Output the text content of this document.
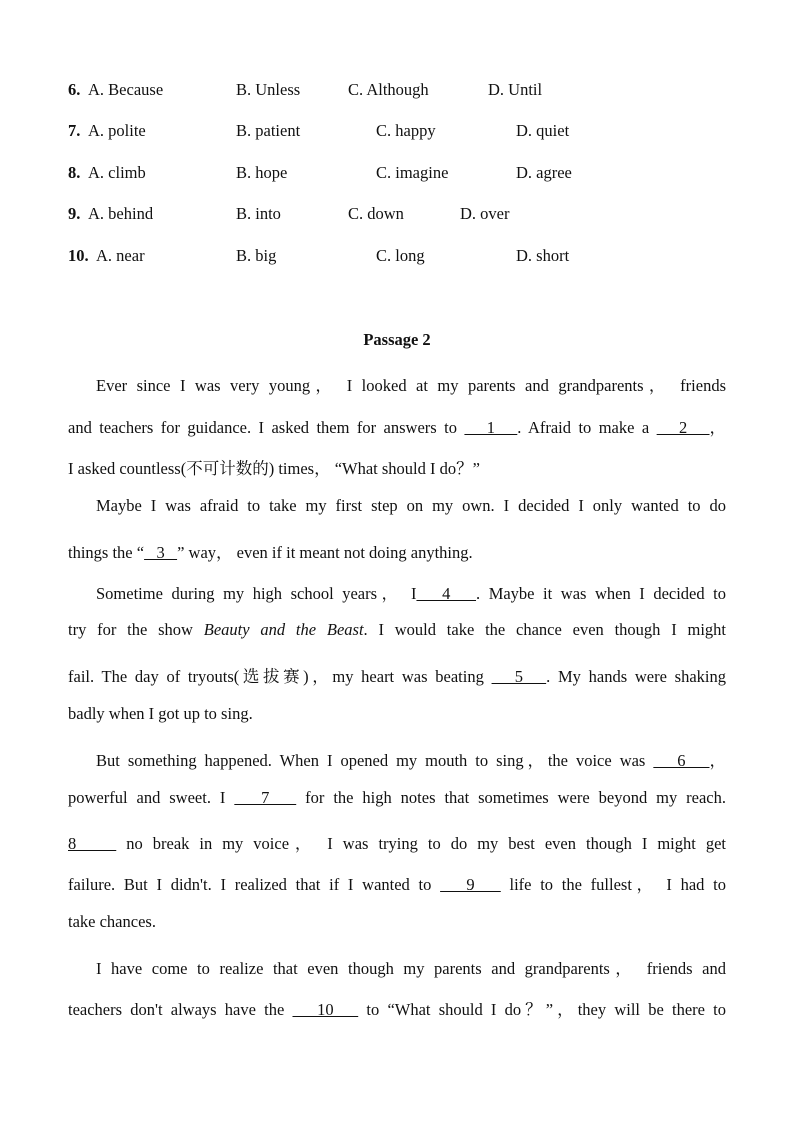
6. A. Because	B. Unless	C. Although	D. Until
7. A. polite	B. patient	C. happy	D. quiet
8. A. climb	B. hope	C. imagine	D. agree
9. A. behind	B. into	C. down	D. over
10. A. near	B. big	C. long	D. short
Passage 2
Ever since I was very young， I looked at my parents and grandparents， friends
and teachers for guidance. I asked them for answers to    1   . Afraid to make a    2   ，
I asked countless(不可计数的) times， “What should I do？”
Maybe I was afraid to take my first step on my own. I decided I only wanted to do
things the “   3   ” way， even if it meant not doing anything.
Sometime during my high school years， I   4   . Maybe it was when I decided to
try for the show Beauty and the Beast. I would take the chance even though I might
fail. The day of tryouts(选拔赛)，my heart was beating    5   . My hands were shaking
badly when I got up to sing.
But something happened. When I opened my mouth to sing，the voice was    6   ，
powerful and sweet. I    7    for the high notes that sometimes were beyond my reach.
8     no break in my voice， I was trying to do my best even though I might get
failure. But I didn't. I realized that if I wanted to    9    life to the fullest， I had to
take chances.
I have come to realize that even though my parents and grandparents， friends and
teachers don't always have the    10    to “What should I do？”，they will be there to
